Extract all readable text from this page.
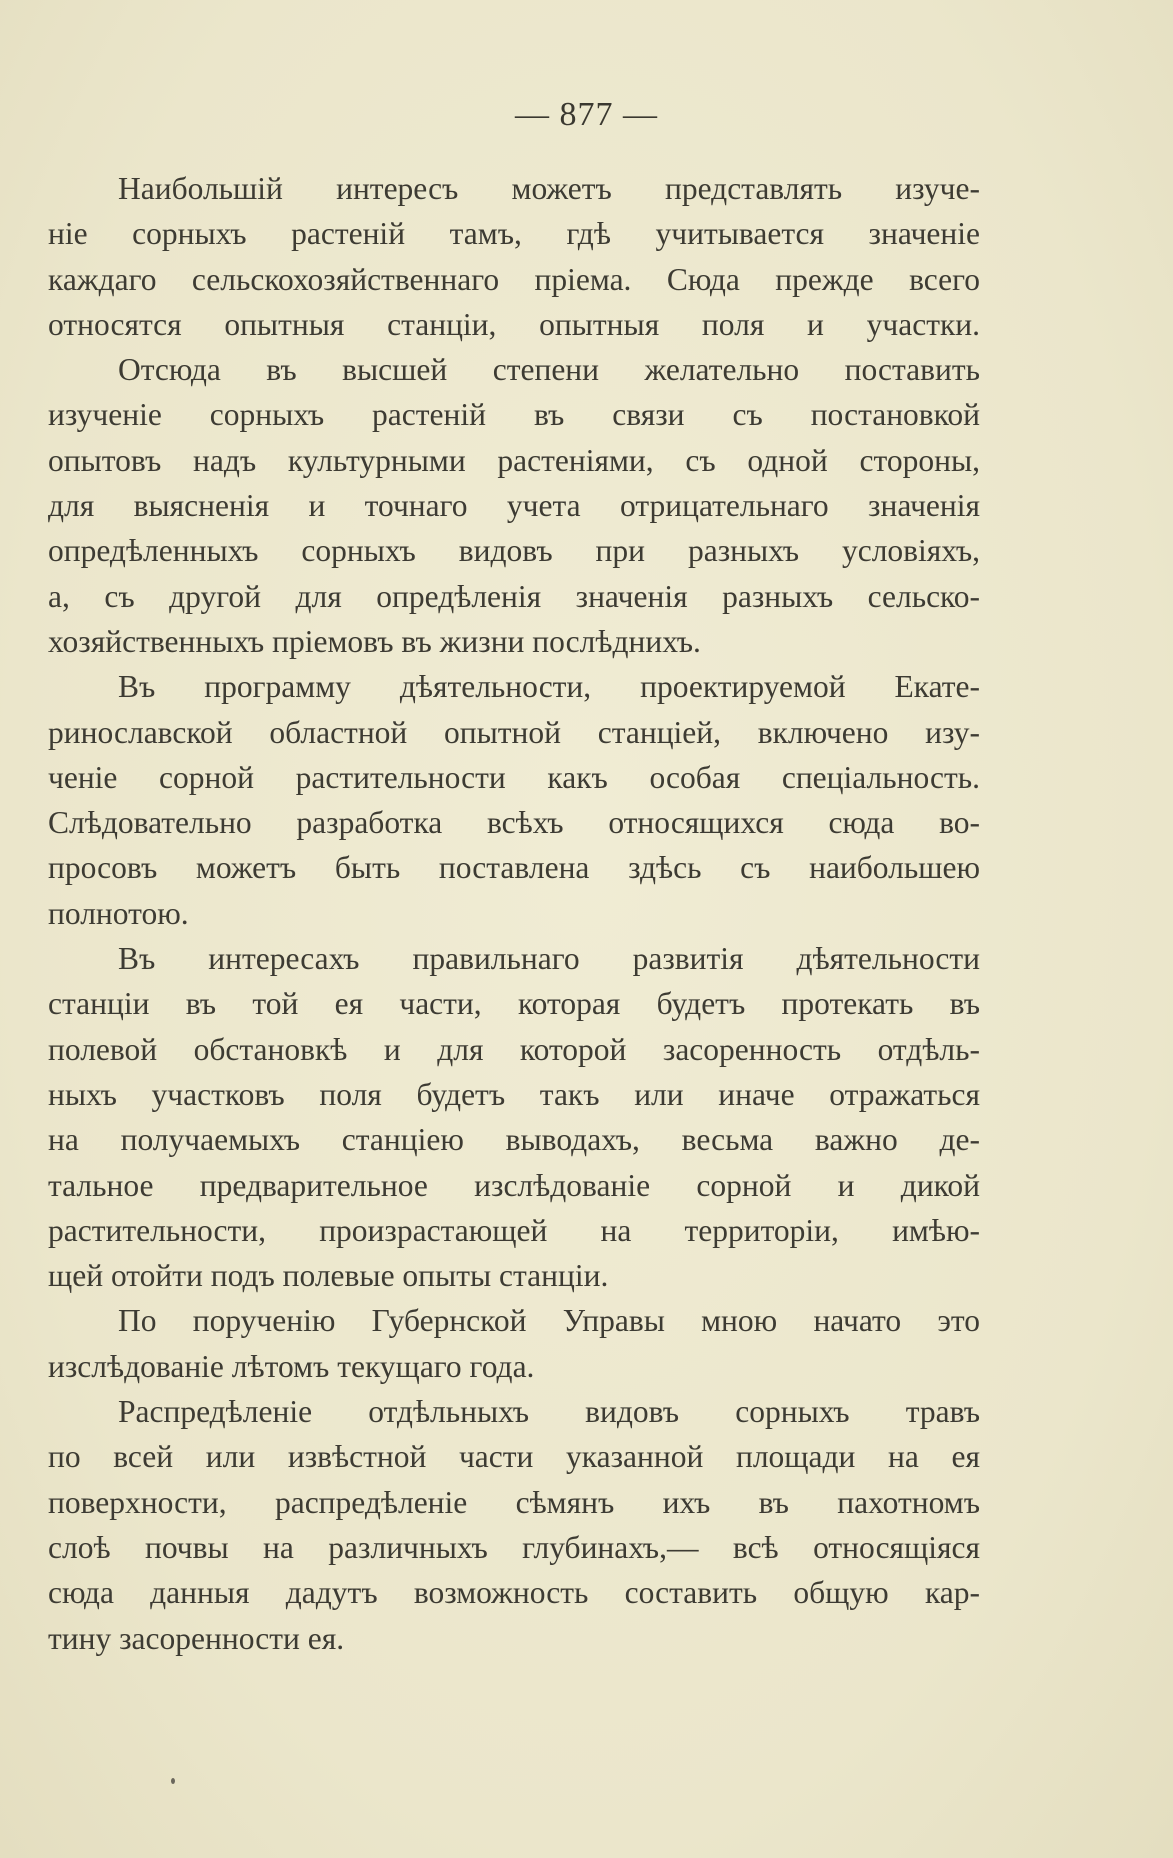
— 877 —
Наибольшій интересъ можетъ представлять изуче-
ніе сорныхъ растеній тамъ, гдѣ учитывается значеніе
каждаго сельскохозяйственнаго пріема. Сюда прежде всего
относятся опытныя станціи, опытныя поля и участки.
Отсюда въ высшей степени желательно поставить
изученіе сорныхъ растеній въ связи съ постановкой
опытовъ надъ культурными растеніями, съ одной стороны,
для выясненія и точнаго учета отрицательнаго значенія
опредѣленныхъ сорныхъ видовъ при разныхъ условіяхъ,
а, съ другой для опредѣленія значенія разныхъ сельско-
хозяйственныхъ пріемовъ въ жизни послѣднихъ.
Въ программу дѣятельности, проектируемой Екате-
ринославской областной опытной станціей, включено изу-
ченіе сорной растительности какъ особая спеціальность.
Слѣдовательно разработка всѣхъ относящихся сюда во-
просовъ можетъ быть поставлена здѣсь съ наибольшею
полнотою.
Въ интересахъ правильнаго развитія дѣятельности
станціи въ той ея части, которая будетъ протекать въ
полевой обстановкѣ и для которой засоренность отдѣль-
ныхъ участковъ поля будетъ такъ или иначе отражаться
на получаемыхъ станціею выводахъ, весьма важно де-
тальное предварительное изслѣдованіе сорной и дикой
растительности, произрастающей на территоріи, имѣю-
щей отойти подъ полевые опыты станціи.
По порученію Губернской Управы мною начато это
изслѣдованіе лѣтомъ текущаго года.
Распредѣленіе отдѣльныхъ видовъ сорныхъ травъ
по всей или извѣстной части указанной площади на ея
поверхности, распредѣленіе сѣмянъ ихъ въ пахотномъ
слоѣ почвы на различныхъ глубинахъ,— всѣ относящіяся
сюда данныя дадутъ возможность составить общую кар-
тину засоренности ея.
